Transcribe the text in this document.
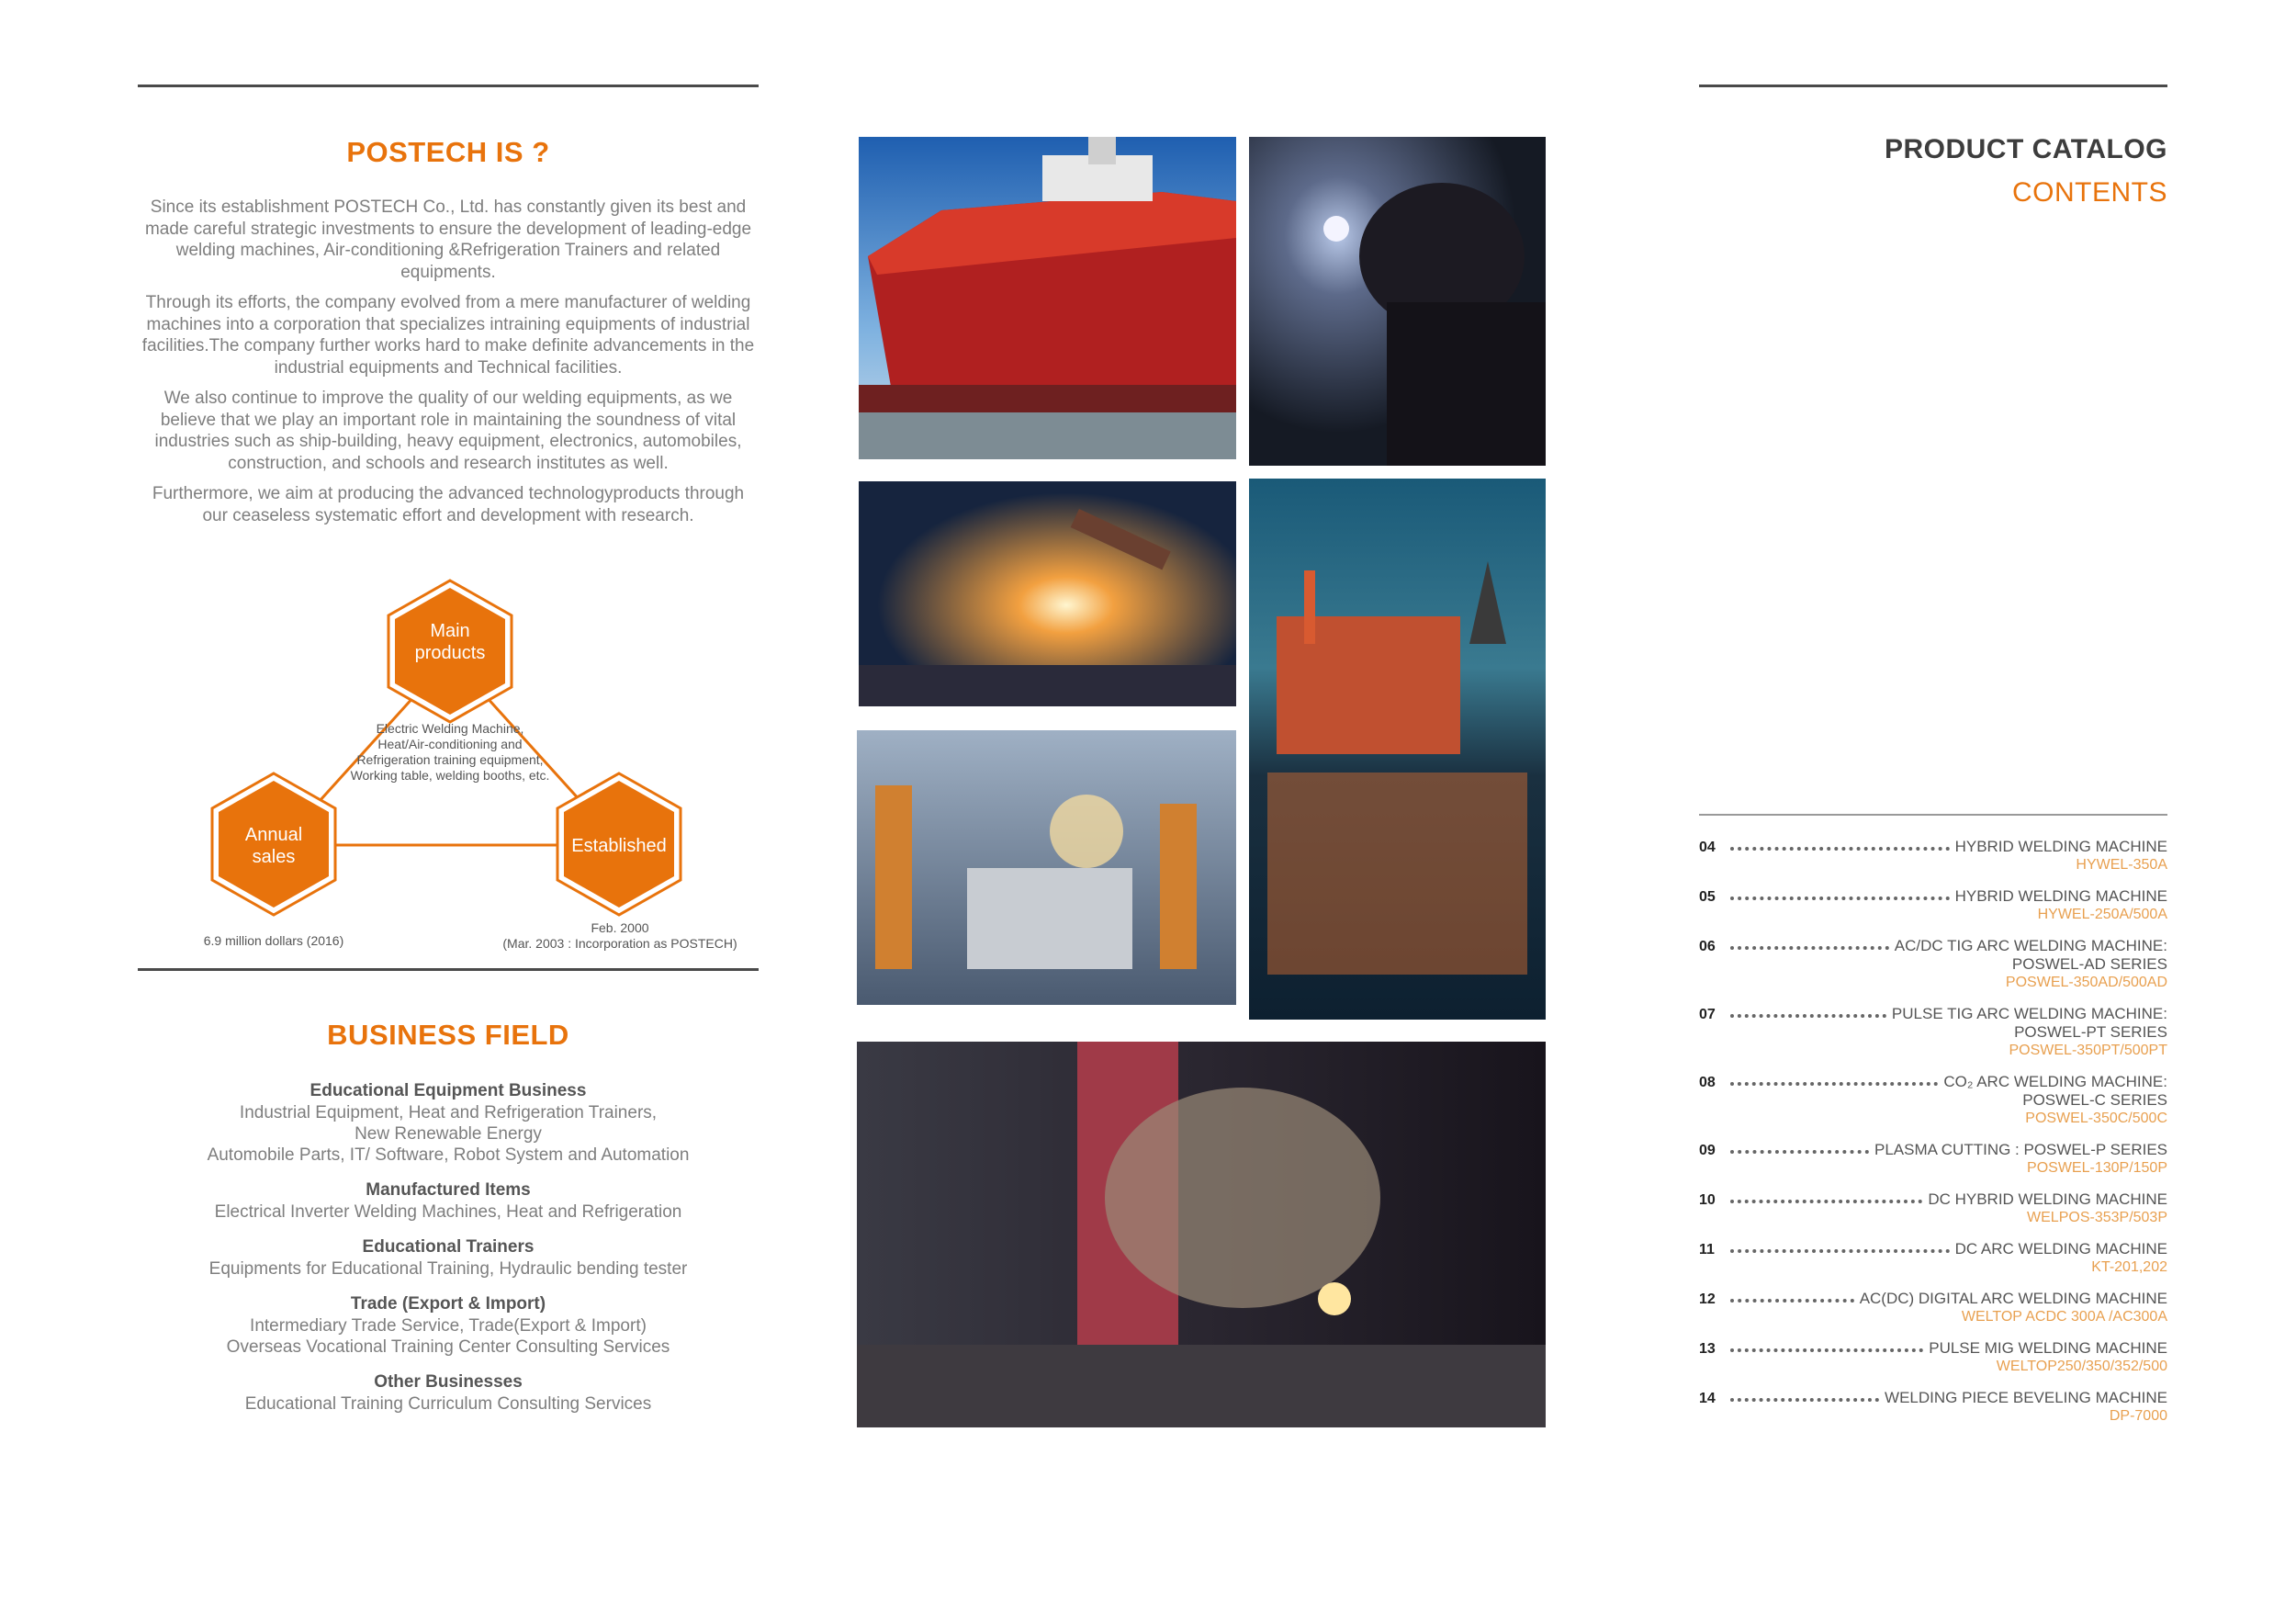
POSTECH IS ?

Since its establishment POSTECH Co., Ltd. has constantly given its best and made careful strategic investments to ensure the development of leading-edge welding machines, Air-conditioning &Refrigeration Trainers and related equipments.

Through its efforts, the company evolved from a mere manufacturer of welding machines into a corporation that specializes intraining equipments of industrial facilities.The company further works hard to make definite advancements in the industrial equipments and Technical facilities.

We also continue to improve the quality of our welding equipments, as we believe that we play an important role in maintaining the soundness of vital industries such as ship-building, heavy equipment, electronics, automobiles, construction, and schools and research institutes as well.

Furthermore, we aim at producing the advanced technologyproducts through our ceaseless systematic effort and development with research.

Main
products
Annual
sales
Established
Electric Welding Machine,
Heat/Air-conditioning and
Refrigeration training equipment,
Working table, welding booths, etc.
6.9 million dollars (2016)
Feb. 2000
(Mar. 2003 : Incorporation as POSTECH)
BUSINESS FIELD
Educational Equipment Business
Industrial Equipment, Heat and Refrigeration Trainers,
New Renewable Energy
Automobile Parts, IT/ Software, Robot System and Automation
Manufactured Items
Electrical Inverter Welding Machines, Heat and Refrigeration
Educational Trainers
Equipments for Educational Training, Hydraulic bending tester
Trade (Export & Import)
Intermediary Trade Service, Trade(Export & Import)
Overseas Vocational Training Center Consulting Services
Other Businesses
Educational Training Curriculum Consulting Services
PRODUCT CATALOG
CONTENTS
04	HYBRID WELDING MACHINE
HYWEL-350A
05	HYBRID WELDING MACHINE
HYWEL-250A/500A
06	AC/DC TIG ARC WELDING MACHINE:
POSWEL-AD SERIES
POSWEL-350AD/500AD
07	PULSE TIG ARC WELDING MACHINE:
POSWEL-PT SERIES
POSWEL-350PT/500PT
08	CO₂ ARC WELDING MACHINE:
POSWEL-C SERIES
POSWEL-350C/500C
09	PLASMA CUTTING : POSWEL-P SERIES
POSWEL-130P/150P
10	DC HYBRID WELDING MACHINE
WELPOS-353P/503P
11	DC ARC WELDING MACHINE
KT-201,202
12	AC(DC) DIGITAL ARC WELDING MACHINE
WELTOP ACDC 300A /AC300A
13	PULSE MIG WELDING MACHINE
WELTOP250/350/352/500
14	WELDING PIECE BEVELING MACHINE
DP-7000
